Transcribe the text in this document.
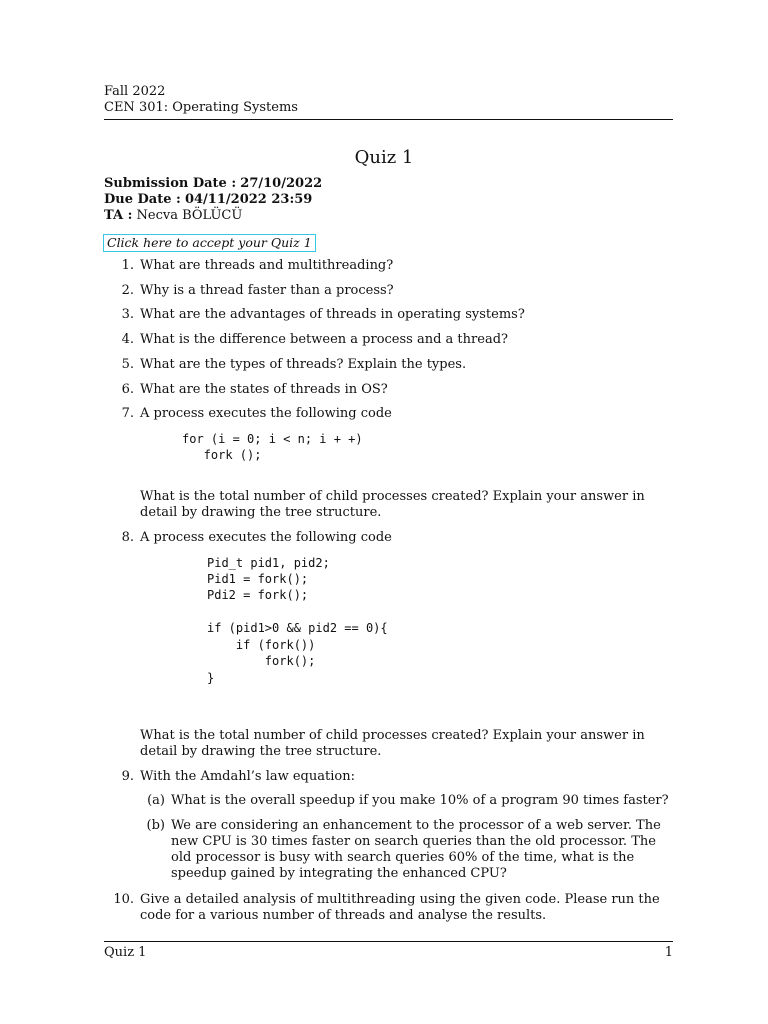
Fall 2022
CEN 301: Operating Systems
Quiz 1
Submission Date : 27/10/2022
Due Date : 04/11/2022 23:59
TA : Necva BÖLÜCÜ
Click here to accept your Quiz 1
1. What are threads and multithreading?
2. Why is a thread faster than a process?
3. What are the advantages of threads in operating systems?
4. What is the difference between a process and a thread?
5. What are the types of threads? Explain the types.
6. What are the states of threads in OS?
7. A process executes the following code
for (i = 0; i < n; i + +)
fork ();
What is the total number of child processes created? Explain your answer in detail by drawing the tree structure.
8. A process executes the following code
Pid_t pid1, pid2;
Pid1 = fork();
Pdi2 = fork();
if (pid1>0 && pid2 == 0){
if (fork())
fork();
}
What is the total number of child processes created? Explain your answer in detail by drawing the tree structure.
9. With the Amdahl’s law equation:
(a) What is the overall speedup if you make 10% of a program 90 times faster?
(b) We are considering an enhancement to the processor of a web server. The new CPU is 30 times faster on search queries than the old processor. The old processor is busy with search queries 60% of the time, what is the speedup gained by integrating the enhanced CPU?
10. Give a detailed analysis of multithreading using the given code. Please run the code for a various number of threads and analyse the results.
Quiz 1	1
